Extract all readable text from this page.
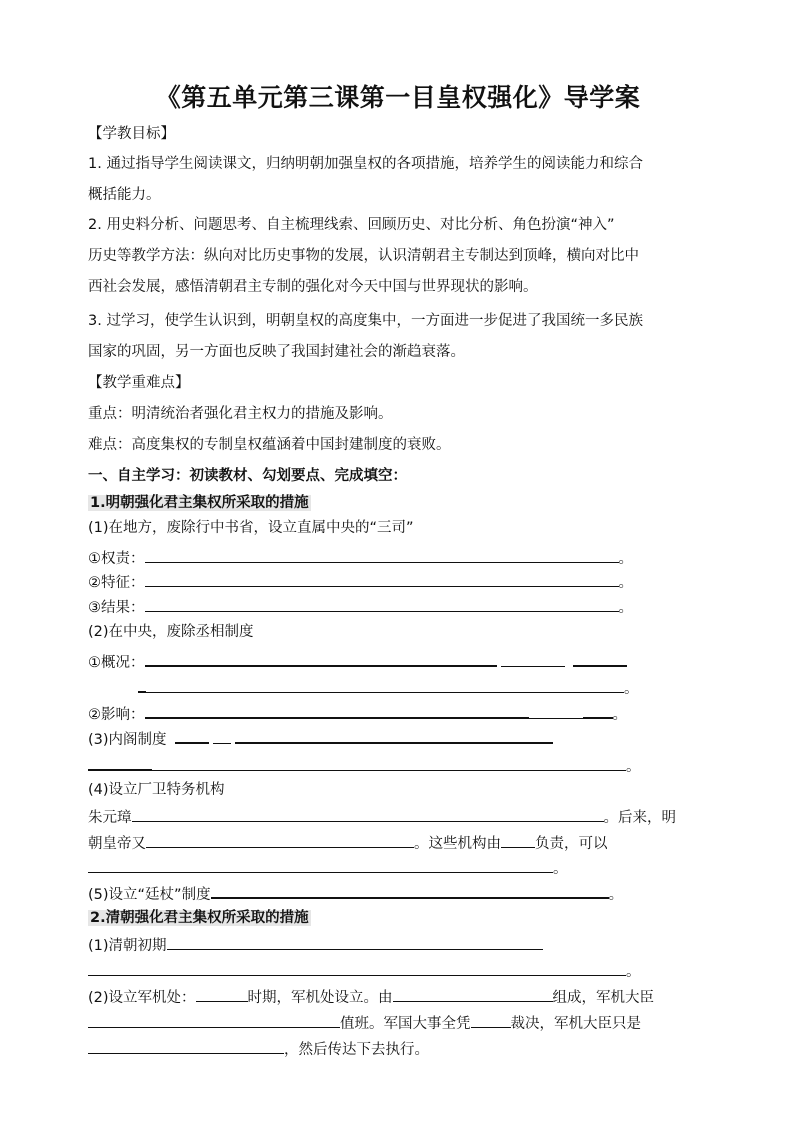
《第五单元第三课第一目皇权强化》导学案
【学教目标】
1. 通过指导学生阅读课文，归纳明朝加强皇权的各项措施，培养学生的阅读能力和综合
概括能力。
2. 用史料分析、问题思考、自主梳理线索、回顾历史、对比分析、角色扮演“神入”
历史等教学方法：纵向对比历史事物的发展，认识清朝君主专制达到顶峰，横向对比中
西社会发展，感悟清朝君主专制的强化对今天中国与世界现状的影响。
3. 过学习，使学生认识到，明朝皇权的高度集中，一方面进一步促进了我国统一多民族
国家的巩固，另一方面也反映了我国封建社会的渐趋衰落。
【教学重难点】
重点：明清统治者强化君主权力的措施及影响。
难点：高度集权的专制皇权蕴涵着中国封建制度的衰败。
一、自主学习：初读教材、勾划要点、完成填空：
1.明朝强化君主集权所采取的措施
(1)在地方，废除行中书省，设立直属中央的“三司”
①权责：	。
②特征：	。
③结果：	。
(2)在中央，废除丞相制度
①概况：
。
②影响：	。
(3)内阁制度
。
(4)设立厂卫特务机构
朱元璋	。后来，明
朝皇帝又	。这些机构由 负责，可以
。
(5)设立“廷杖”制度	。
2.清朝强化君主集权所采取的措施
(1)清朝初期
。
(2)设立军机处：	时期，军机处设立。由	组成，军机大臣
值班。军国大事全凭	裁决，军机大臣只是
，然后传达下去执行。
